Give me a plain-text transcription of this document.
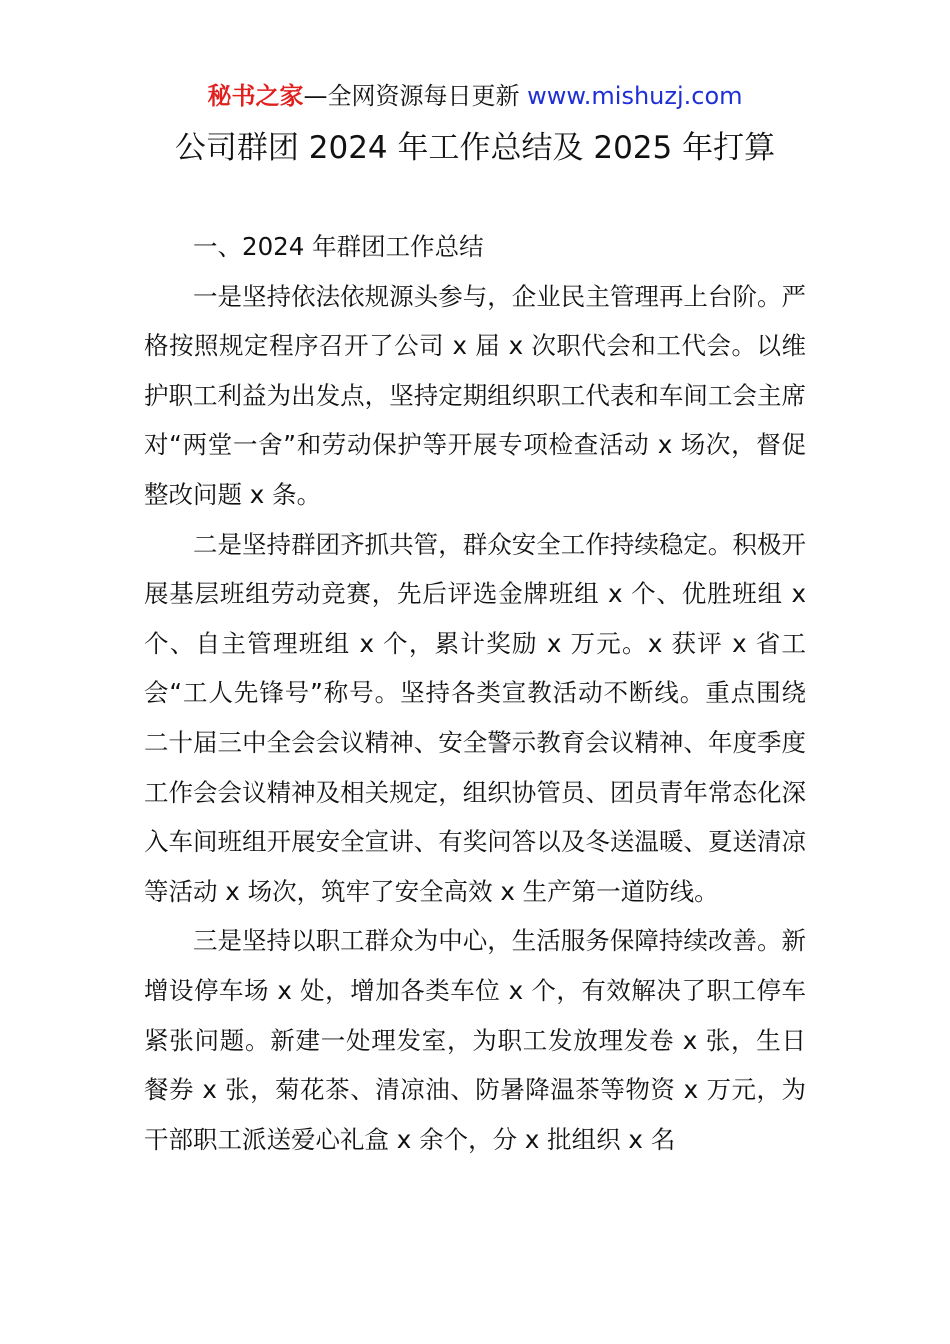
秘书之家—全网资源每日更新 www.mishuzj.com
公司群团 2024 年工作总结及 2025 年打算

一、2024 年群团工作总结

一是坚持依法依规源头参与，企业民主管理再上台阶。严格按照规定程序召开了公司 x 届 x 次职代会和工代会。以维护职工利益为出发点，坚持定期组织职工代表和车间工会主席对“两堂一舍”和劳动保护等开展专项检查活动 x 场次，督促整改问题 x 条。

二是坚持群团齐抓共管，群众安全工作持续稳定。积极开展基层班组劳动竞赛，先后评选金牌班组 x 个、优胜班组 x 个、自主管理班组 x 个，累计奖励 x 万元。x 获评 x 省工会“工人先锋号”称号。坚持各类宣教活动不断线。重点围绕二十届三中全会会议精神、安全警示教育会议精神、年度季度工作会会议精神及相关规定，组织协管员、团员青年常态化深入车间班组开展安全宣讲、有奖问答以及冬送温暖、夏送清凉等活动 x 场次，筑牢了安全高效 x 生产第一道防线。

三是坚持以职工群众为中心，生活服务保障持续改善。新增设停车场 x 处，增加各类车位 x 个，有效解决了职工停车紧张问题。新建一处理发室，为职工发放理发卷 x 张，生日餐券 x 张，菊花茶、清凉油、防暑降温茶等物资 x 万元，为干部职工派送爱心礼盒 x 余个，分 x 批组织 x 名
